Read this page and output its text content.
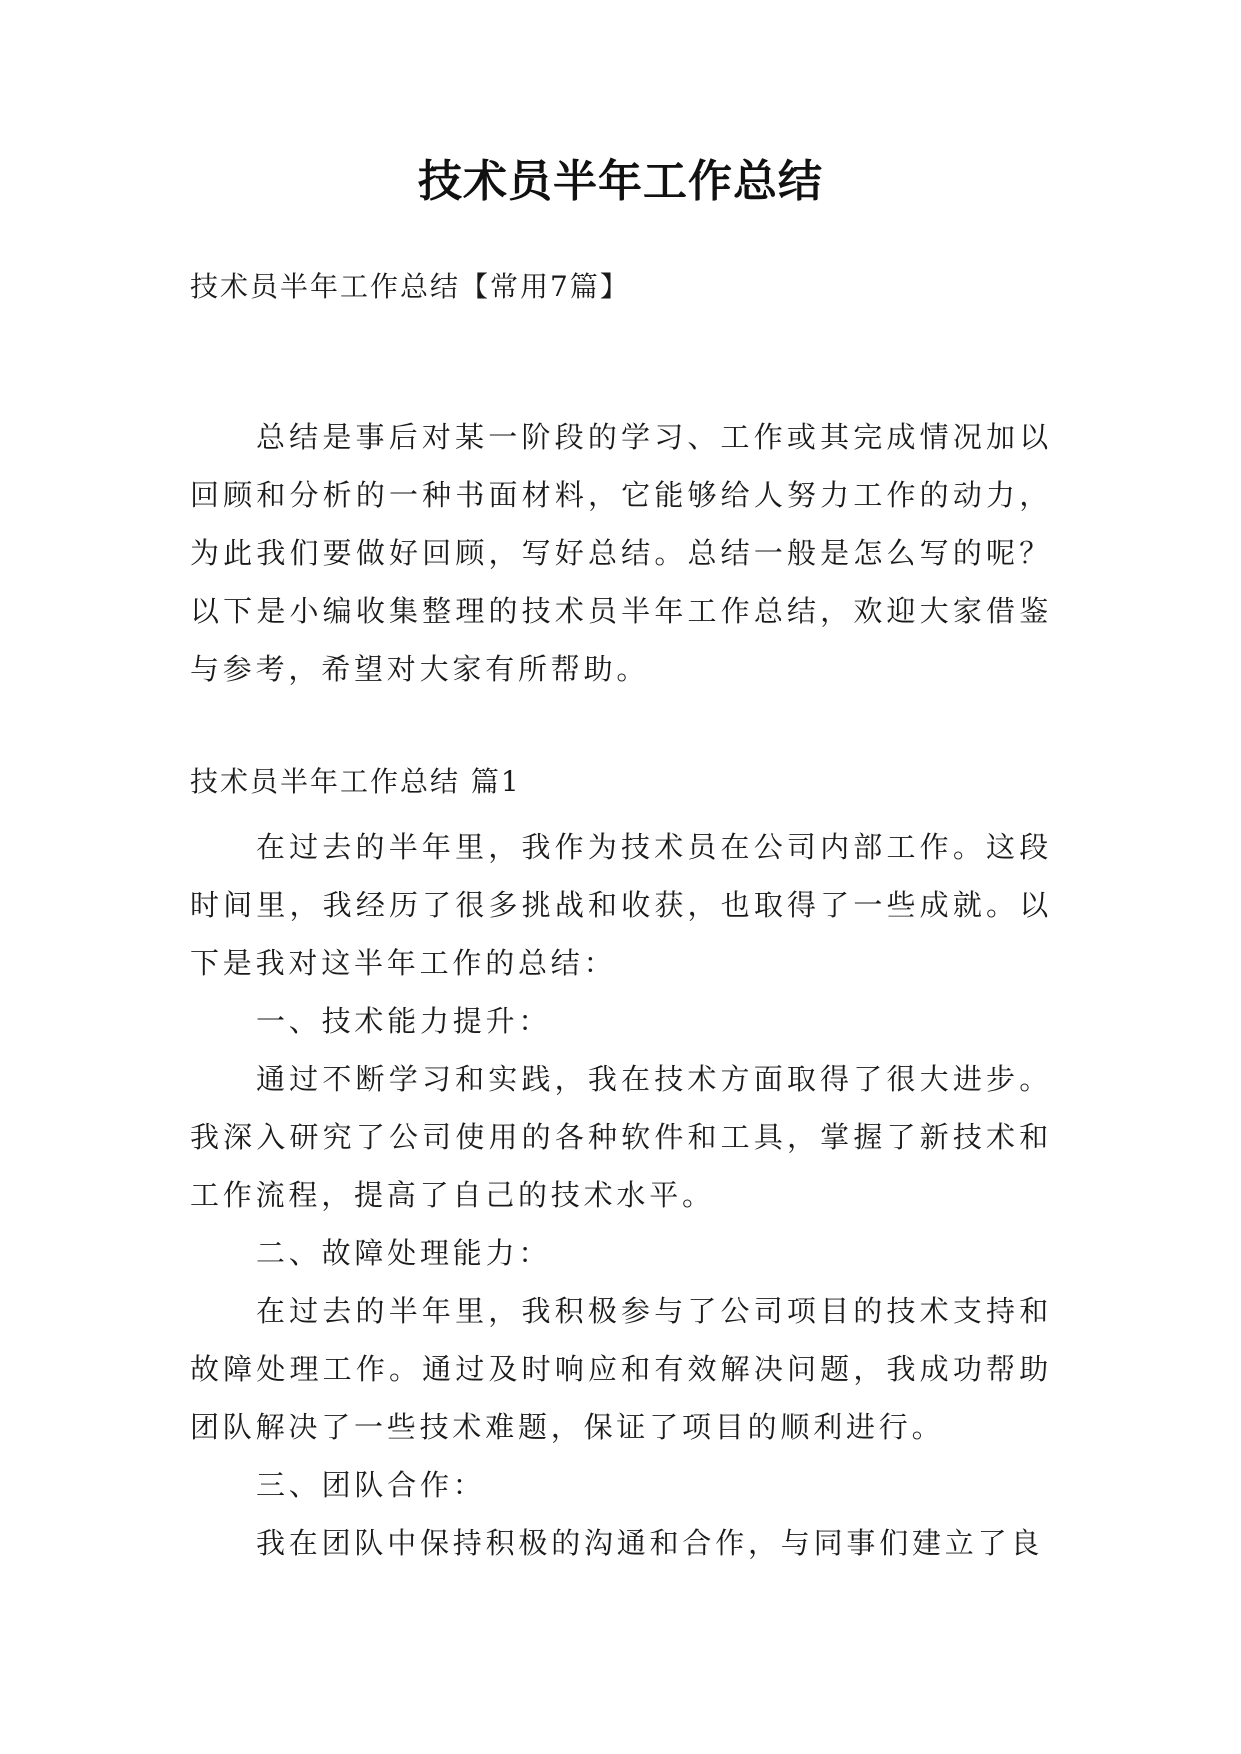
技术员半年工作总结
技术员半年工作总结【常用7篇】

总结是事后对某一阶段的学习、工作或其完成情况加以回顾和分析的一种书面材料，它能够给人努力工作的动力，为此我们要做好回顾，写好总结。总结一般是怎么写的呢？以下是小编收集整理的技术员半年工作总结，欢迎大家借鉴与参考，希望对大家有所帮助。

技术员半年工作总结 篇1

在过去的半年里，我作为技术员在公司内部工作。这段时间里，我经历了很多挑战和收获，也取得了一些成就。以下是我对这半年工作的总结：

一、技术能力提升：

通过不断学习和实践，我在技术方面取得了很大进步。我深入研究了公司使用的各种软件和工具，掌握了新技术和工作流程，提高了自己的技术水平。

二、故障处理能力：

在过去的半年里，我积极参与了公司项目的技术支持和故障处理工作。通过及时响应和有效解决问题，我成功帮助团队解决了一些技术难题，保证了项目的顺利进行。

三、团队合作：

我在团队中保持积极的沟通和合作，与同事们建立了良
